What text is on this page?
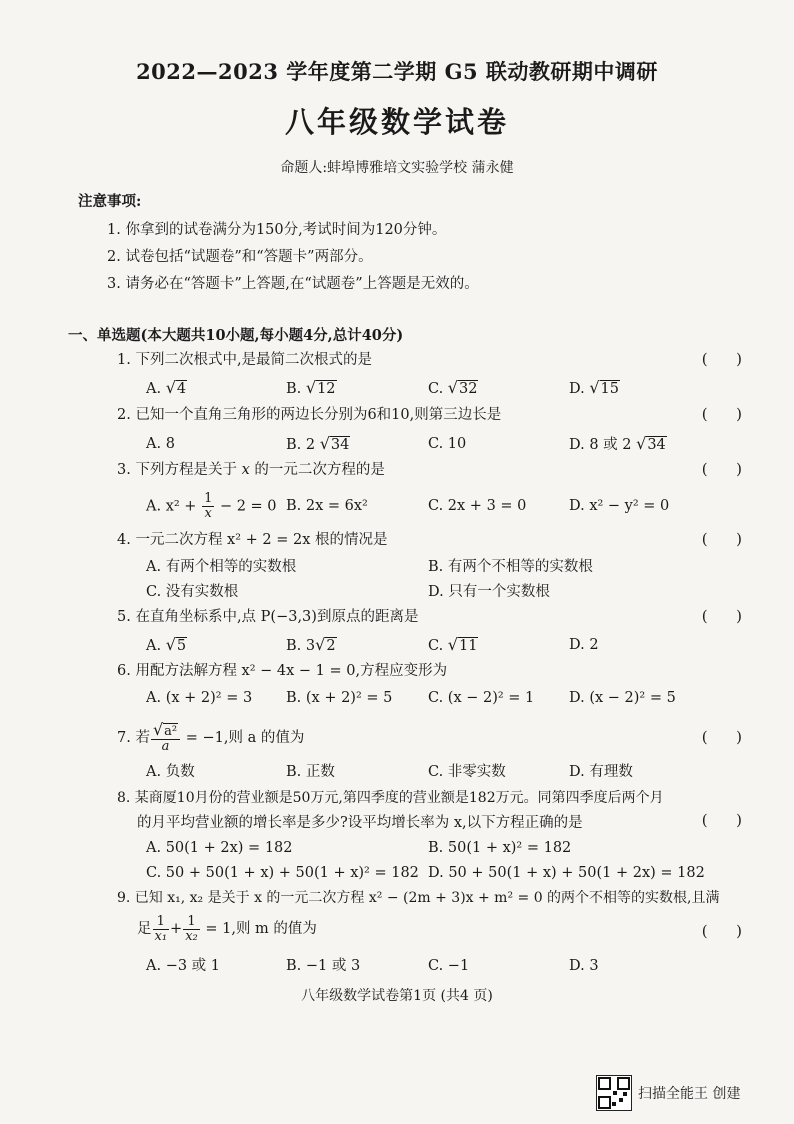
2022—2023 学年度第二学期 G5 联动教研期中调研
八年级数学试卷
命题人:蚌埠博雅培文实验学校 蒲永健
注意事项:
1. 你拿到的试卷满分为150分,考试时间为120分钟。
2. 试卷包括“试题卷”和“答题卡”两部分。
3. 请务必在“答题卡”上答题,在“试题卷”上答题是无效的。
一、单选题(本大题共10小题,每小题4分,总计40分)
1. 下列二次根式中,是最简二次根式的是	(      )
A. √4	B. √12	C. √32	D. √15
2. 已知一个直角三角形的两边长分别为6和10,则第三边长是	(      )
A. 8	B. 2 √34	C. 10	D. 8 或 2 √34
3. 下列方程是关于 x 的一元二次方程的是	(      )
A. $x^2 + \frac{1}{x} - 2 = 0$ B. 2x = 6x²	C. 2x + 3 = 0	D. x² − y² = 0
4. 一元二次方程 x² + 2 = 2x 根的情况是	(      )
A. 有两个相等的实数根	B. 有两个不相等的实数根
C. 没有实数根	D. 只有一个实数根
5. 在直角坐标系中,点 P(−3,3)到原点的距离是	(      )
A. √5	B. 3√2	C. √11	D. 2
6. 用配方法解方程 x² − 4x − 1 = 0,方程应变形为
A. (x + 2)² = 3 B. (x + 2)² = 5 C. (x − 2)² = 1 D. (x − 2)² = 5
7. 若 $\frac{\text{√a²}}{a} = -1$,则 a 的值为	(      )
A. 负数	B. 正数	C. 非零实数	D. 有理数
8. 某商厦10月份的营业额是50万元,第四季度的营业额是182万元。同第四季度后两个月
的月平均营业额的增长率是多少?设平均增长率为 x,以下方程正确的是	(      )
A. 50(1 + 2x) = 182	B. 50(1 + x)² = 182
C. 50 + 50(1 + x) + 50(1 + x)² = 182 D. 50 + 50(1 + x) + 50(1 + 2x) = 182
9. 已知 x₁, x₂ 是关于 x 的一元二次方程 x² − (2m + 3)x + m² = 0 的两个不相等的实数根,且满
足 $\frac{1}{\text{x₁}} + \frac{1}{\text{x₂}} = 1$,则 m 的值为	(      )
A. −3 或 1	B. −1 或 3	C. −1	D. 3
八年级数学试卷第1页 (共4 页)
扫描全能王 创建
